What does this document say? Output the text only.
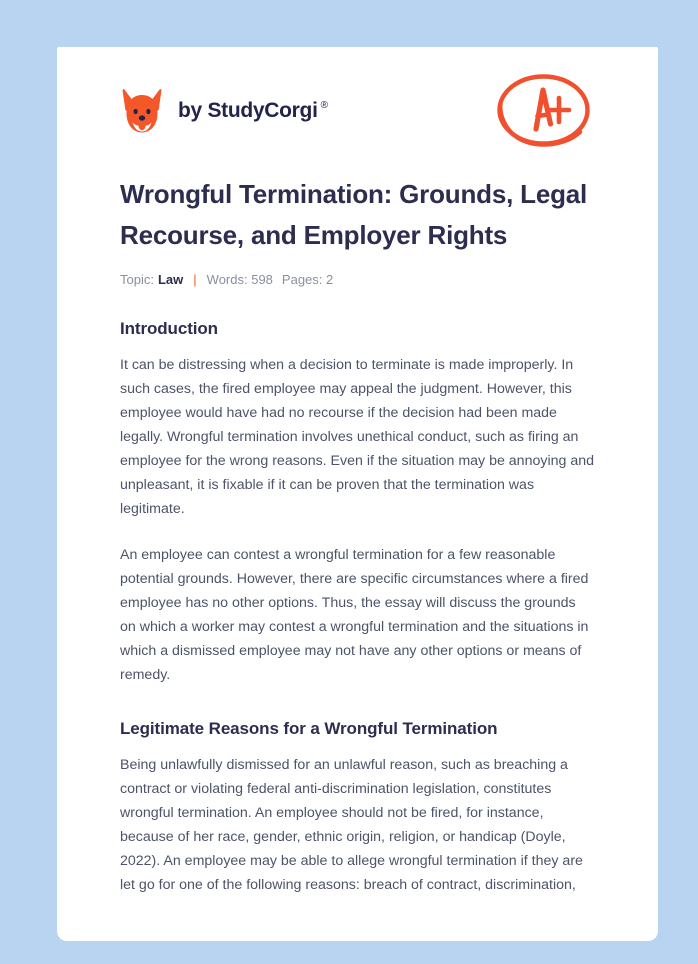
by StudyCorgi ®
Wrongful Termination: Grounds, Legal Recourse, and Employer Rights
Topic: Law | Words: 598 Pages: 2
Introduction

It can be distressing when a decision to terminate is made improperly. In such cases, the fired employee may appeal the judgment. However, this employee would have had no recourse if the decision had been made legally. Wrongful termination involves unethical conduct, such as firing an employee for the wrong reasons. Even if the situation may be annoying and unpleasant, it is fixable if it can be proven that the termination was legitimate.

An employee can contest a wrongful termination for a few reasonable potential grounds. However, there are specific circumstances where a fired employee has no other options. Thus, the essay will discuss the grounds on which a worker may contest a wrongful termination and the situations in which a dismissed employee may not have any other options or means of remedy.

Legitimate Reasons for a Wrongful Termination

Being unlawfully dismissed for an unlawful reason, such as breaching a contract or violating federal anti-discrimination legislation, constitutes wrongful termination. An employee should not be fired, for instance, because of her race, gender, ethnic origin, religion, or handicap (Doyle, 2022). An employee may be able to allege wrongful termination if they are let go for one of the following reasons: breach of contract, discrimination,
